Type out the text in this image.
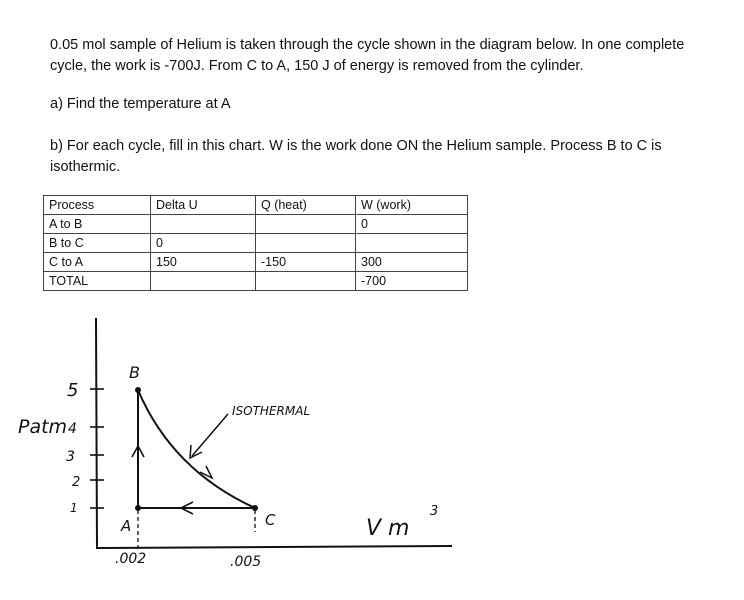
0.05 mol sample of Helium is taken through the cycle shown in the diagram below. In one complete cycle, the work is -700J. From C to A, 150 J of energy is removed from the cylinder.

a) Find the temperature at A

b) For each cycle, fill in this chart. W is the work done ON the Helium sample. Process B to C is isothermic.

Process	Delta U	Q (heat)	W (work)
A to B			0
B to C	0		
C to A	150	-150	300
TOTAL			-700
5
4
3
2
1
Patm
B
A	C
ISOTHERMAL
.002	.005
V m
3
